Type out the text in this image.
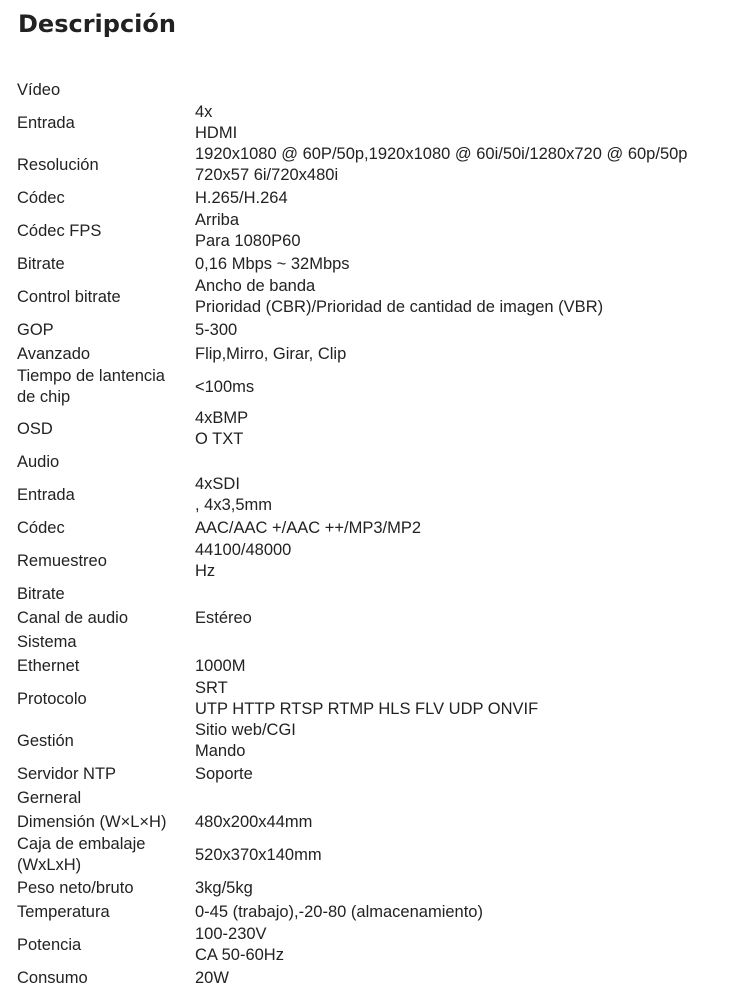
Descripción
Vídeo	
Entrada	4x
HDMI

Resolución	1920x1080 @ 60P/50p,1920x1080 @ 60i/50i/1280x720 @ 60p/50p
720x57 6i/720x480i

Códec	H.265/H.264

Códec FPS	Arriba
Para 1080P60

Bitrate	0,16 Mbps ~ 32Mbps

Control bitrate	Ancho de banda
Prioridad (CBR)/Prioridad de cantidad de imagen (VBR)

GOP	5-300

Avanzado	Flip,Mirro, Girar, Clip

Tiempo de lantencia
de chip	<100ms

OSD	4xBMP
O TXT

Audio	
Entrada	4xSDI
, 4x3,5mm

Códec	AAC/AAC +/AAC ++/MP3/MP2

Remuestreo	44100/48000
Hz

Bitrate	
Canal de audio	Estéreo

Sistema	
Ethernet	1000M

Protocolo	SRT
UTP HTTP RTSP RTMP HLS FLV UDP ONVIF

Gestión	Sitio web/CGI
Mando

Servidor NTP	Soporte

Gerneral	
Dimensión (W×L×H)	480x200x44mm

Caja de embalaje
(WxLxH)	520x370x140mm

Peso neto/bruto	3kg/5kg

Temperatura	0-45 (trabajo),-20-80 (almacenamiento)

Potencia	100-230V
CA 50-60Hz

Consumo	20W
